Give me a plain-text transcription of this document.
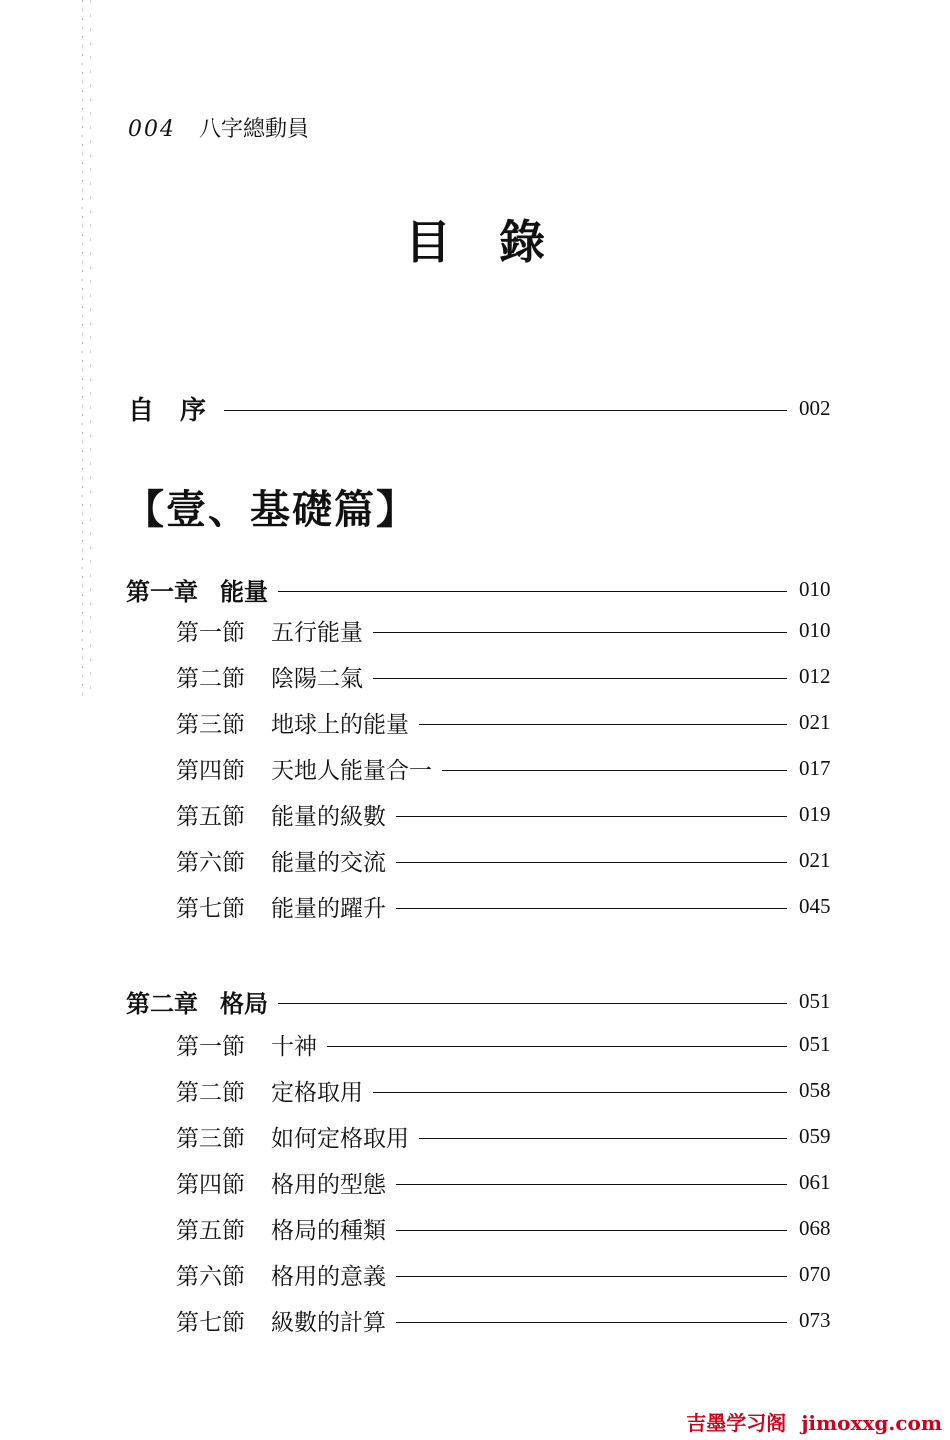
004 八字總動員
目錄
自序	002
【壹、基礎篇】
第一章 能量	010
第一節 五行能量	010
第二節 陰陽二氣	012
第三節 地球上的能量	021
第四節 天地人能量合一	017
第五節 能量的級數	019
第六節 能量的交流	021
第七節 能量的躍升	045
第二章 格局	051
第一節 十神	051
第二節 定格取用	058
第三節 如何定格取用	059
第四節 格用的型態	061
第五節 格局的種類	068
第六節 格用的意義	070
第七節 級數的計算	073
吉墨学习阁 jimoxxg.com
